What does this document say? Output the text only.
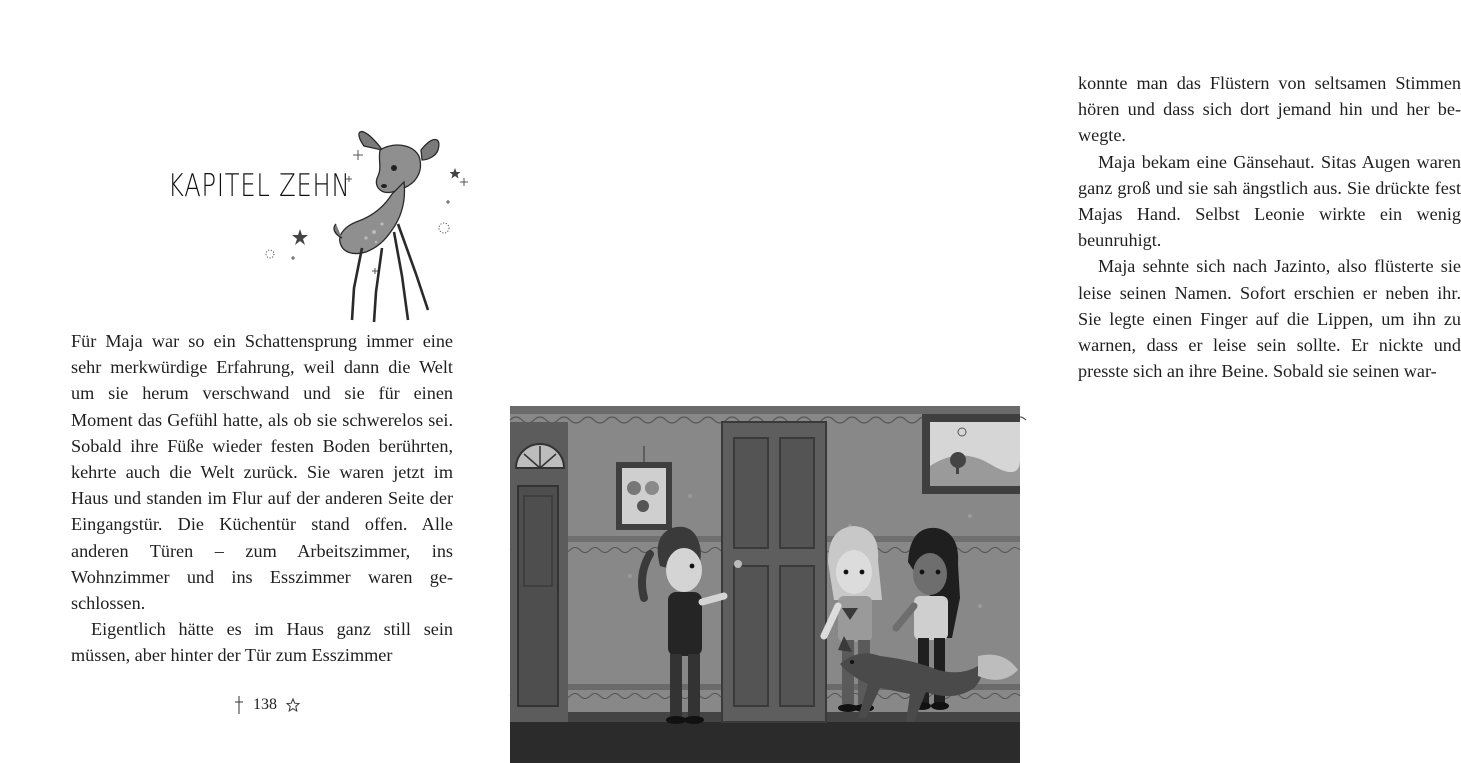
KAPITEL ZEHN

Für Maja war so ein Schattensprung immer eine sehr merkwürdige Erfahrung, weil dann die Welt um sie herum verschwand und sie für einen Moment das Gefühl hatte, als ob sie schwerelos sei. Sobald ihre Füße wieder festen Boden berührten, kehrte auch die Welt zurück. Sie waren jetzt im Haus und standen im Flur auf der anderen Seite der Eingangstür. Die Küchentür stand offen. Alle anderen Türen – zum Arbeitszimmer, ins Wohnzimmer und ins Esszimmer waren geschlossen.

Eigentlich hätte es im Haus ganz still sein müssen, aber hinter der Tür zum Esszimmer

138

konnte man das Flüstern von seltsamen Stimmen hören und dass sich dort jemand hin und her bewegte.

Maja bekam eine Gänsehaut. Sitas Augen waren ganz groß und sie sah ängstlich aus. Sie drückte fest Majas Hand. Selbst Leonie wirkte ein wenig beunruhigt.

Maja sehnte sich nach Jazinto, also flüsterte sie leise seinen Namen. Sofort erschien er neben ihr. Sie legte einen Finger auf die Lippen, um ihn zu warnen, dass er leise sein sollte. Er nickte und presste sich an ihre Beine. Sobald sie seinen war-
